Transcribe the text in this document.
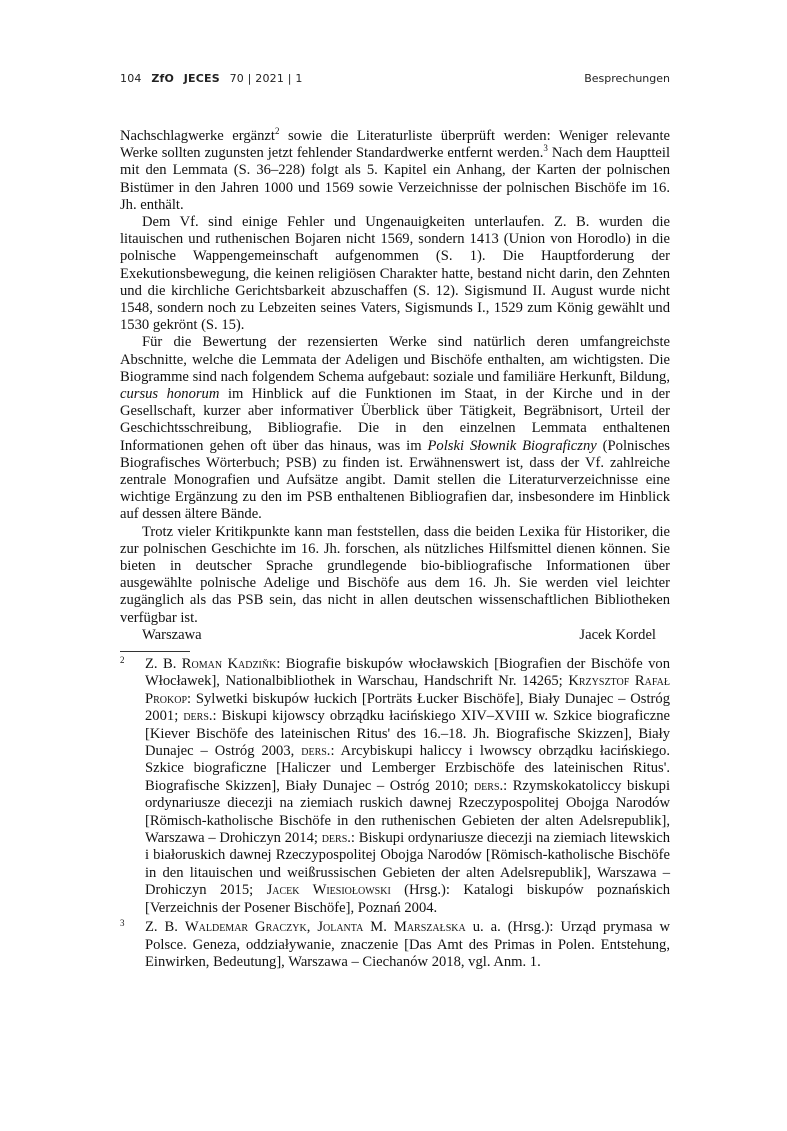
104 ZfO JECES 70 | 2021 | 1	Besprechungen

Nachschlagwerke ergänzt$^2$ sowie die Literaturliste überprüft werden: Weniger relevante Werke sollten zugunsten jetzt fehlender Standardwerke entfernt werden.$^3$ Nach dem Hauptteil mit den Lemmata (S. 36–228) folgt als 5. Kapitel ein Anhang, der Karten der polnischen Bistümer in den Jahren 1000 und 1569 sowie Verzeichnisse der polnischen Bischöfe im 16. Jh. enthält.

Dem Vf. sind einige Fehler und Ungenauigkeiten unterlaufen. Z. B. wurden die litauischen und ruthenischen Bojaren nicht 1569, sondern 1413 (Union von Horodlo) in die polnische Wappengemeinschaft aufgenommen (S. 1). Die Hauptforderung der Exekutionsbewegung, die keinen religiösen Charakter hatte, bestand nicht darin, den Zehnten und die kirchliche Gerichtsbarkeit abzuschaffen (S. 12). Sigismund II. August wurde nicht 1548, sondern noch zu Lebzeiten seines Vaters, Sigismunds I., 1529 zum König gewählt und 1530 gekrönt (S. 15).

Für die Bewertung der rezensierten Werke sind natürlich deren umfangreichste Abschnitte, welche die Lemmata der Adeligen und Bischöfe enthalten, am wichtigsten. Die Biogramme sind nach folgendem Schema aufgebaut: soziale und familiäre Herkunft, Bildung, cursus honorum im Hinblick auf die Funktionen im Staat, in der Kirche und in der Gesellschaft, kurzer aber informativer Überblick über Tätigkeit, Begräbnisort, Urteil der Geschichtsschreibung, Bibliografie. Die in den einzelnen Lemmata enthaltenen Informationen gehen oft über das hinaus, was im Polski Słownik Biograficzny (Polnisches Biografisches Wörterbuch; PSB) zu finden ist. Erwähnenswert ist, dass der Vf. zahlreiche zentrale Monografien und Aufsätze angibt. Damit stellen die Literaturverzeichnisse eine wichtige Ergänzung zu den im PSB enthaltenen Bibliografien dar, insbesondere im Hinblick auf dessen ältere Bände.

Trotz vieler Kritikpunkte kann man feststellen, dass die beiden Lexika für Historiker, die zur polnischen Geschichte im 16. Jh. forschen, als nützliches Hilfsmittel dienen können. Sie bieten in deutscher Sprache grundlegende bio-bibliografische Informationen über ausgewählte polnische Adelige und Bischöfe aus dem 16. Jh. Sie werden viel leichter zugänglich als das PSB sein, das nicht in allen deutschen wissenschaftlichen Bibliotheken verfügbar ist.

Warszawa	Jacek Kordel
2 Z. B. Roman Kadziňk: Biografie biskupów włocławskich [Biografien der Bischöfe von Włocławek], Nationalbibliothek in Warschau, Handschrift Nr. 14265; Krzysztof Rafał Prokop: Sylwetki biskupów łuckich [Porträts Łucker Bischöfe], Biały Dunajec – Ostróg 2001; ders.: Biskupi kijowscy obrządku łacińskiego XIV–XVIII w. Szkice biograficzne [Kiever Bischöfe des lateinischen Ritus' des 16.–18. Jh. Biografische Skizzen], Biały Dunajec – Ostróg 2003, ders.: Arcybiskupi haliccy i lwowscy obrządku łacińskiego. Szkice biograficzne [Haliczer und Lemberger Erzbischöfe des lateinischen Ritus'. Biografische Skizzen], Biały Dunajec – Ostróg 2010; ders.: Rzymskokatoliccy biskupi ordynariusze diecezji na ziemiach ruskich dawnej Rzeczypospolitej Obojga Narodów [Römisch-katholische Bischöfe in den ruthenischen Gebieten der alten Adelsrepublik], Warszawa – Drohiczyn 2014; ders.: Biskupi ordynariusze diecezji na ziemiach litewskich i białoruskich dawnej Rzeczypospolitej Obojga Narodów [Römisch-katholische Bischöfe in den litauischen und weißrussischen Gebieten der alten Adelsrepublik], Warszawa – Drohiczyn 2015; Jacek Wiesiołowski (Hrsg.): Katalogi biskupów poznańskich [Verzeichnis der Posener Bischöfe], Poznań 2004.
3 Z. B. Waldemar Graczyk, Jolanta M. Marszałska u. a. (Hrsg.): Urząd prymasa w Polsce. Geneza, oddziaływanie, znaczenie [Das Amt des Primas in Polen. Entstehung, Einwirken, Bedeutung], Warszawa – Ciechanów 2018, vgl. Anm. 1.
